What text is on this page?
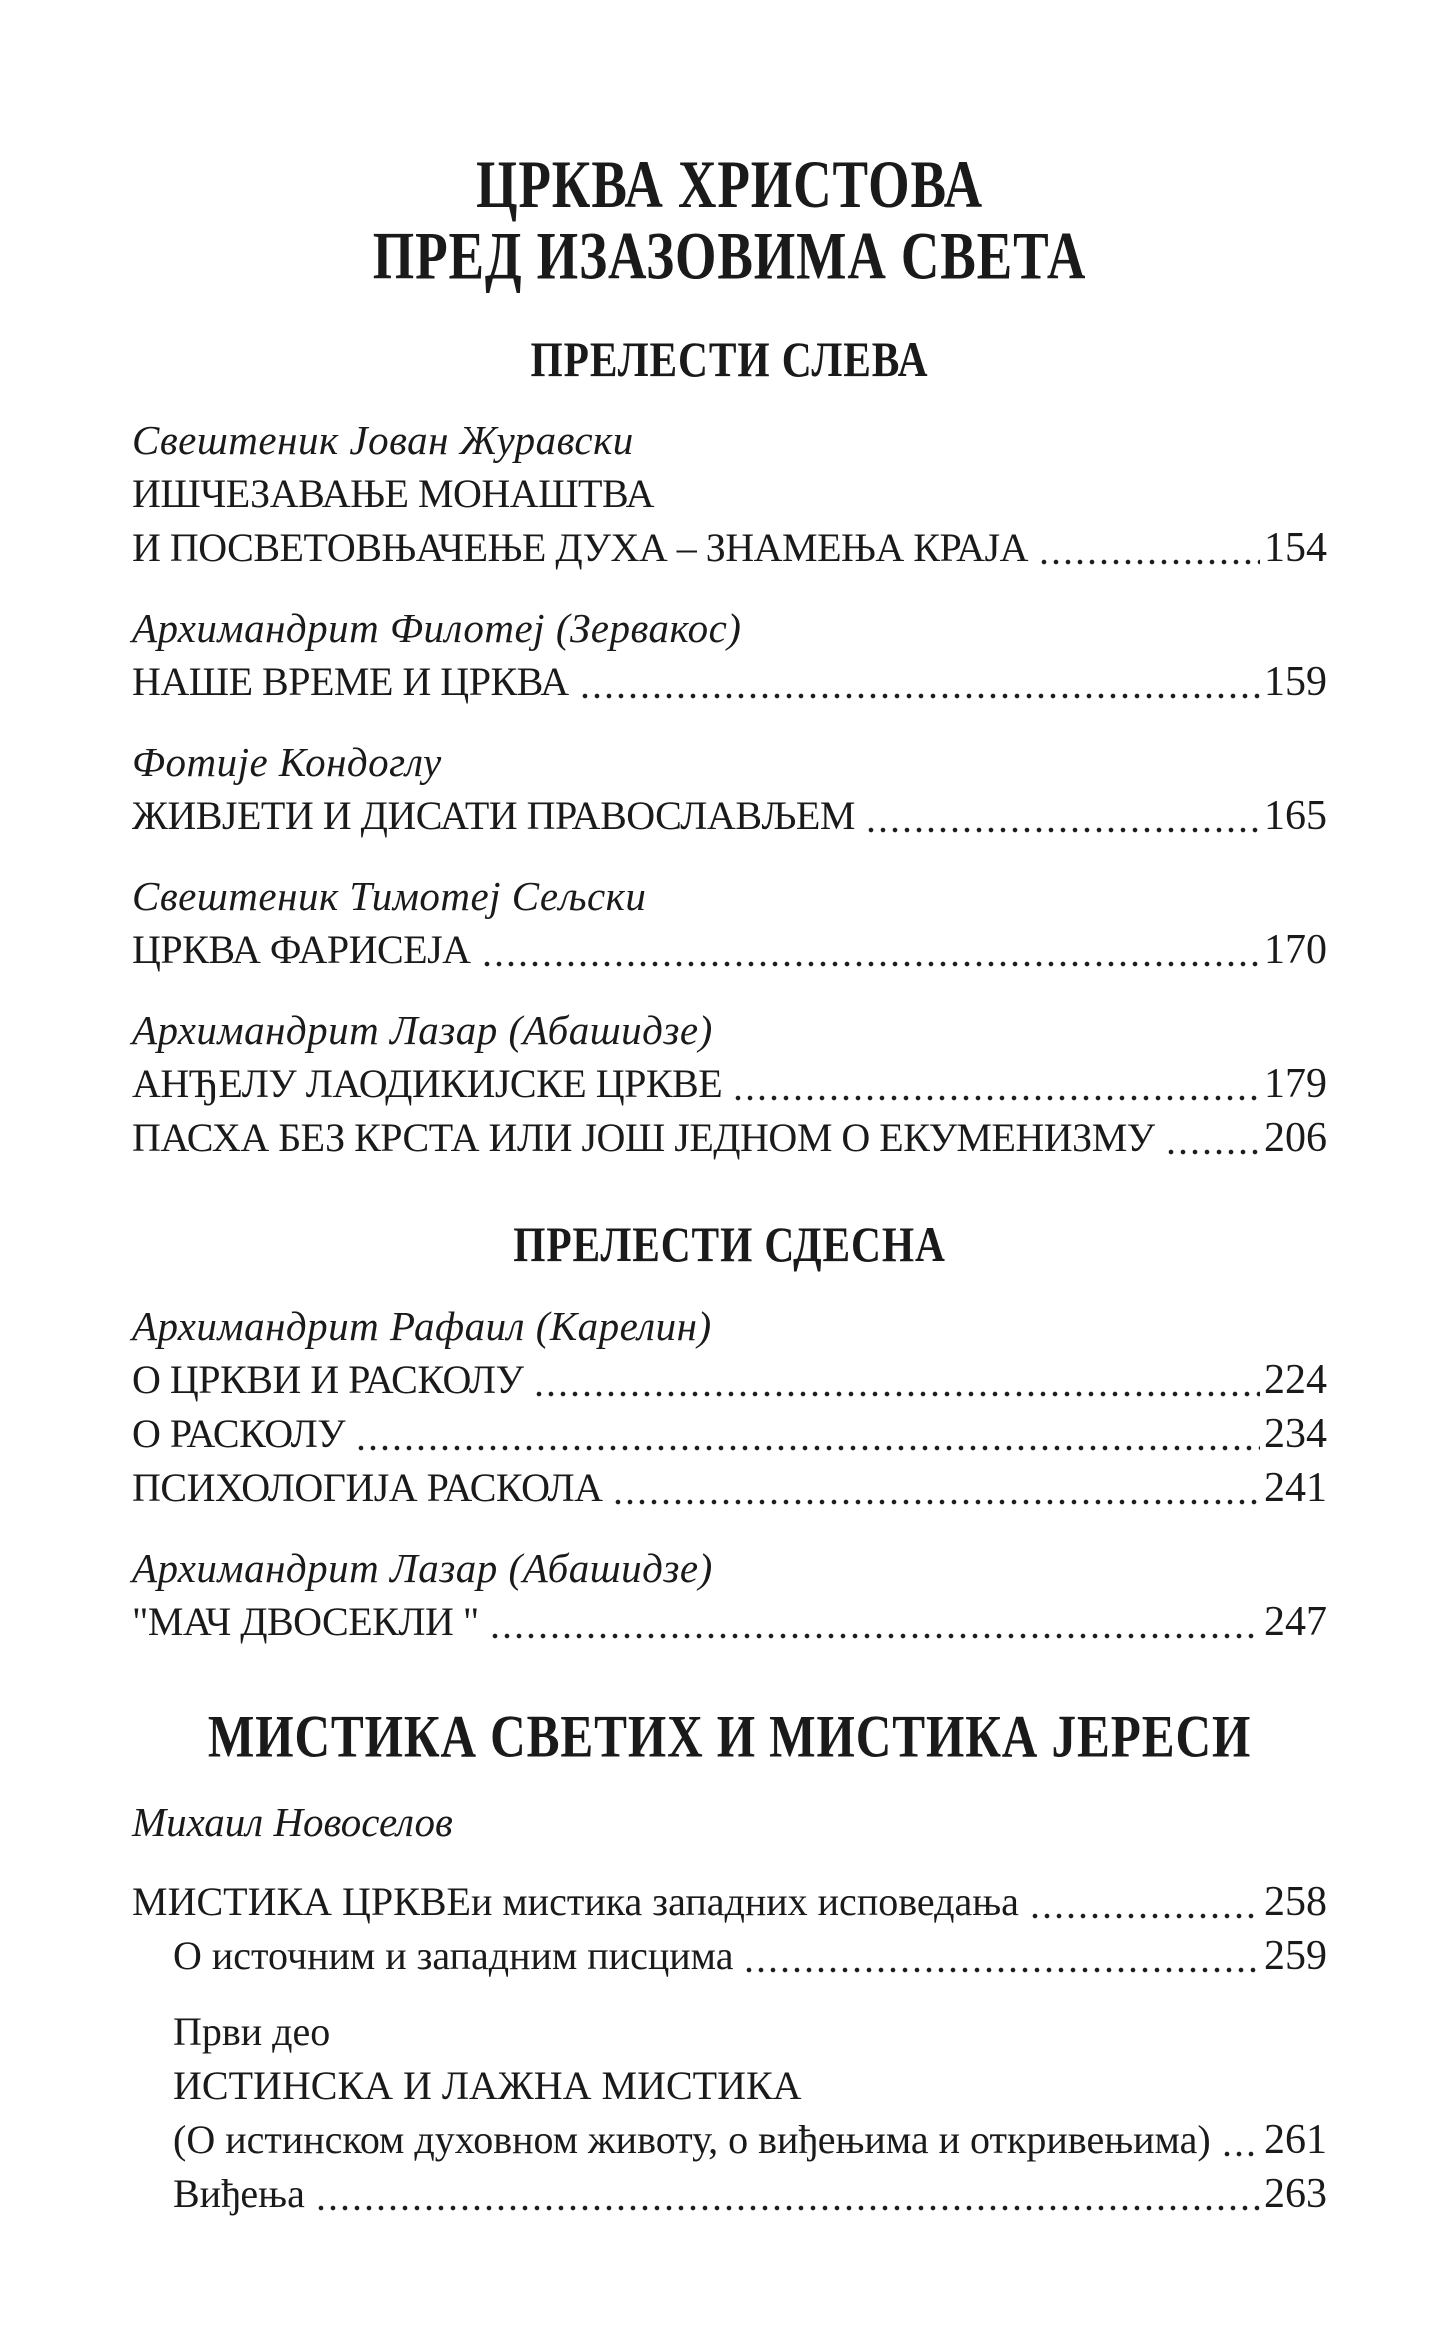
ЦРКВА ХРИСТОВА
ПРЕД ИЗАЗОВИМА СВЕТА
ПРЕЛЕСТИ СЛЕВА
Свештеник Јован Журавски
ИШЧЕЗАВАЊЕ МОНАШТВА
И ПОСВЕТОВЊАЧЕЊЕ ДУХА – ЗНАМЕЊА КРАЈА	154
Архимандрит Филотеј (Зервакос)
НАШЕ ВРЕМЕ И ЦРКВА	159
Фотије Кондоглу
ЖИВЈЕТИ И ДИСАТИ ПРАВОСЛАВЉЕМ	165
Свештеник Тимотеј Сељски
ЦРКВА ФАРИСЕЈА	170
Архимандрит Лазар (Абашидзе)
АНЂЕЛУ ЛАОДИКИЈСКЕ ЦРКВЕ	179
ПАСХА БЕЗ КРСТА ИЛИ ЈОШ ЈЕДНОМ О ЕКУМЕНИЗМУ	206
ПРЕЛЕСТИ СДЕСНА
Архимандрит Рафаил (Карелин)
О ЦРКВИ И РАСКОЛУ	224
О РАСКОЛУ	234
ПСИХОЛОГИЈА РАСКОЛА	241
Архимандрит Лазар (Абашидзе)
"МАЧ ДВОСЕКЛИ "	247
МИСТИКА СВЕТИХ И МИСТИКА ЈЕРЕСИ
Михаил Новоселов
МИСТИКА ЦРКВЕ и мистика западних исповедања	258
О источним и западним писцима	259
Први део
ИСТИНСКА И ЛАЖНА МИСТИКА
(О истинском духовном животу, о виђењима и откривењима) 261
Виђења	263
